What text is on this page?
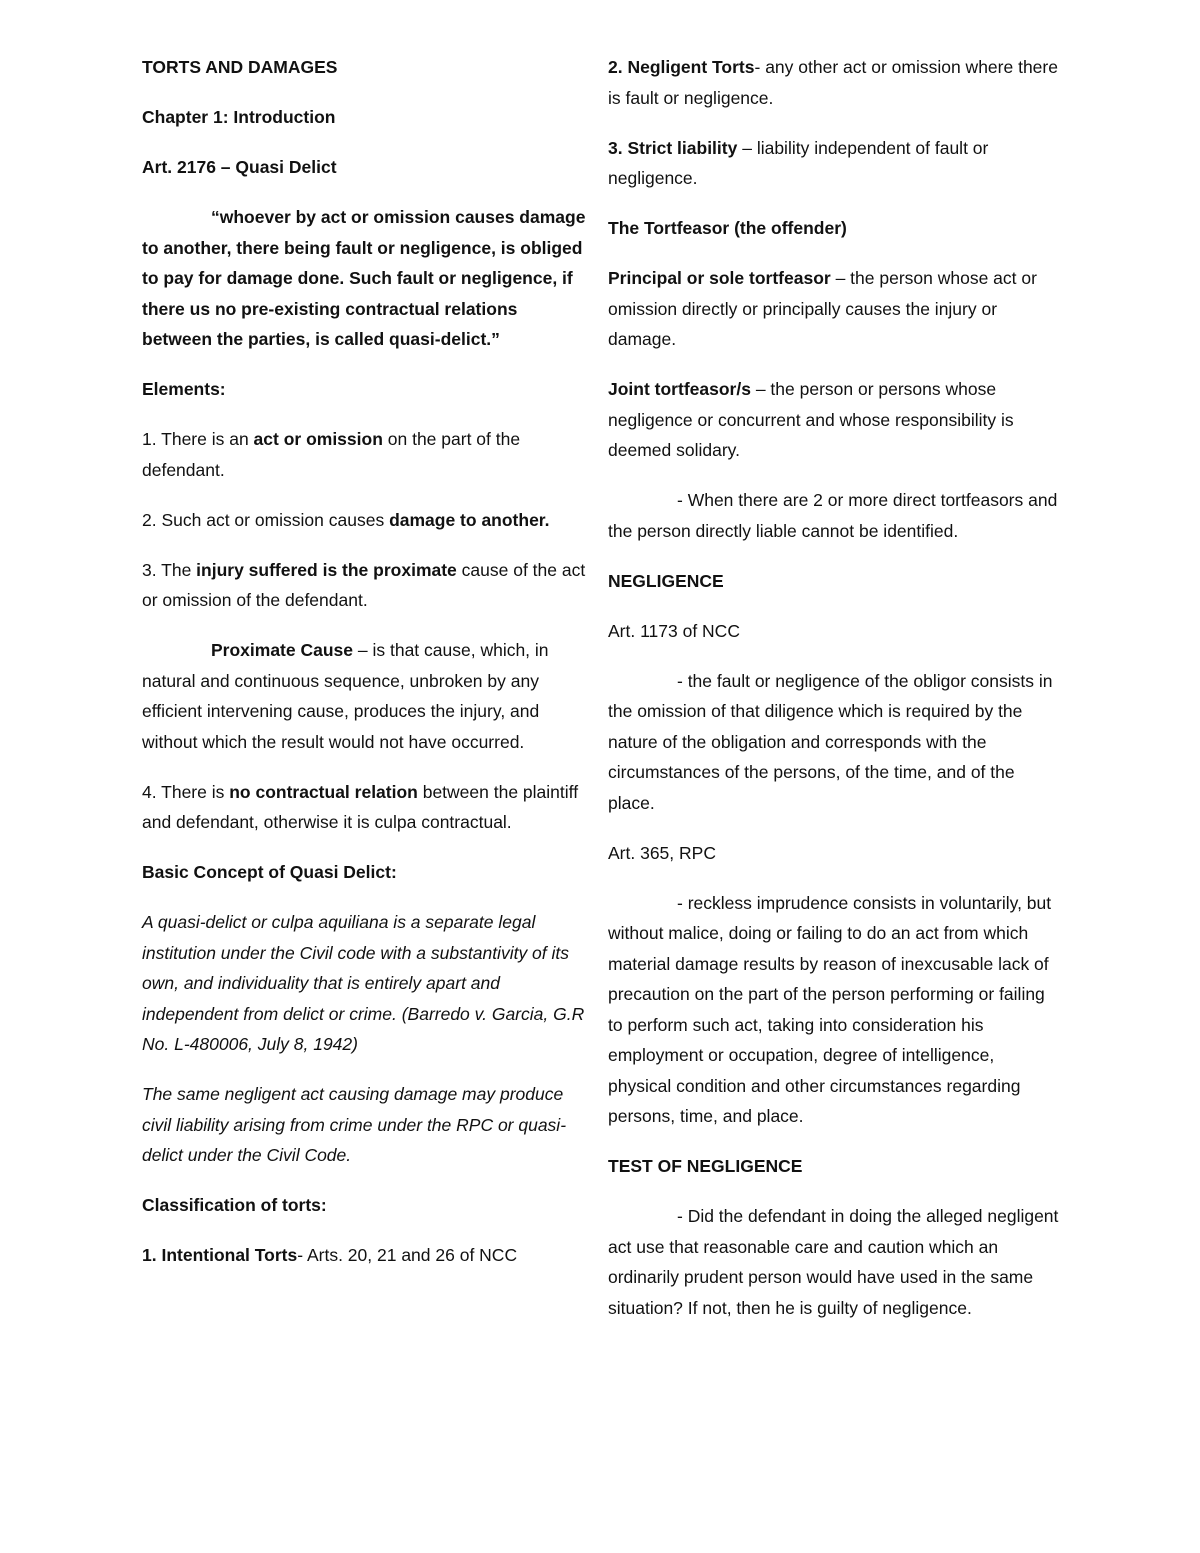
TORTS AND DAMAGES

Chapter 1: Introduction

Art. 2176 – Quasi Delict

“whoever by act or omission causes damage to another, there being fault or negligence, is obliged to pay for damage done. Such fault or negligence, if there us no pre-existing contractual relations between the parties, is called quasi-delict.”

Elements:

1. There is an act or omission on the part of the defendant.

2. Such act or omission causes damage to another.

3. The injury suffered is the proximate cause of the act or omission of the defendant.

Proximate Cause – is that cause, which, in natural and continuous sequence, unbroken by any efficient intervening cause, produces the injury, and without which the result would not have occurred.

4. There is no contractual relation between the plaintiff and defendant, otherwise it is culpa contractual.

Basic Concept of Quasi Delict:

A quasi-delict or culpa aquiliana is a separate legal institution under the Civil code with a substantivity of its own, and individuality that is entirely apart and independent from delict or crime. (Barredo v. Garcia, G.R No. L-480006, July 8, 1942)

The same negligent act causing damage may produce civil liability arising from crime under the RPC or quasi-delict under the Civil Code.

Classification of torts:

1. Intentional Torts- Arts. 20, 21 and 26 of NCC

2. Negligent Torts- any other act or omission where there is fault or negligence.

3. Strict liability – liability independent of fault or negligence.

The Tortfeasor (the offender)

Principal or sole tortfeasor – the person whose act or omission directly or principally causes the injury or damage.

Joint tortfeasor/s – the person or persons whose negligence or concurrent and whose responsibility is deemed solidary.

- When there are 2 or more direct tortfeasors and the person directly liable cannot be identified.

NEGLIGENCE

Art. 1173 of NCC

- the fault or negligence of the obligor consists in the omission of that diligence which is required by the nature of the obligation and corresponds with the circumstances of the persons, of the time, and of the place.

Art. 365, RPC

- reckless imprudence consists in voluntarily, but without malice, doing or failing to do an act from which material damage results by reason of inexcusable lack of precaution on the part of the person performing or failing to perform such act, taking into consideration his employment or occupation, degree of intelligence, physical condition and other circumstances regarding persons, time, and place.

TEST OF NEGLIGENCE

- Did the defendant in doing the alleged negligent act use that reasonable care and caution which an ordinarily prudent person would have used in the same situation? If not, then he is guilty of negligence.
